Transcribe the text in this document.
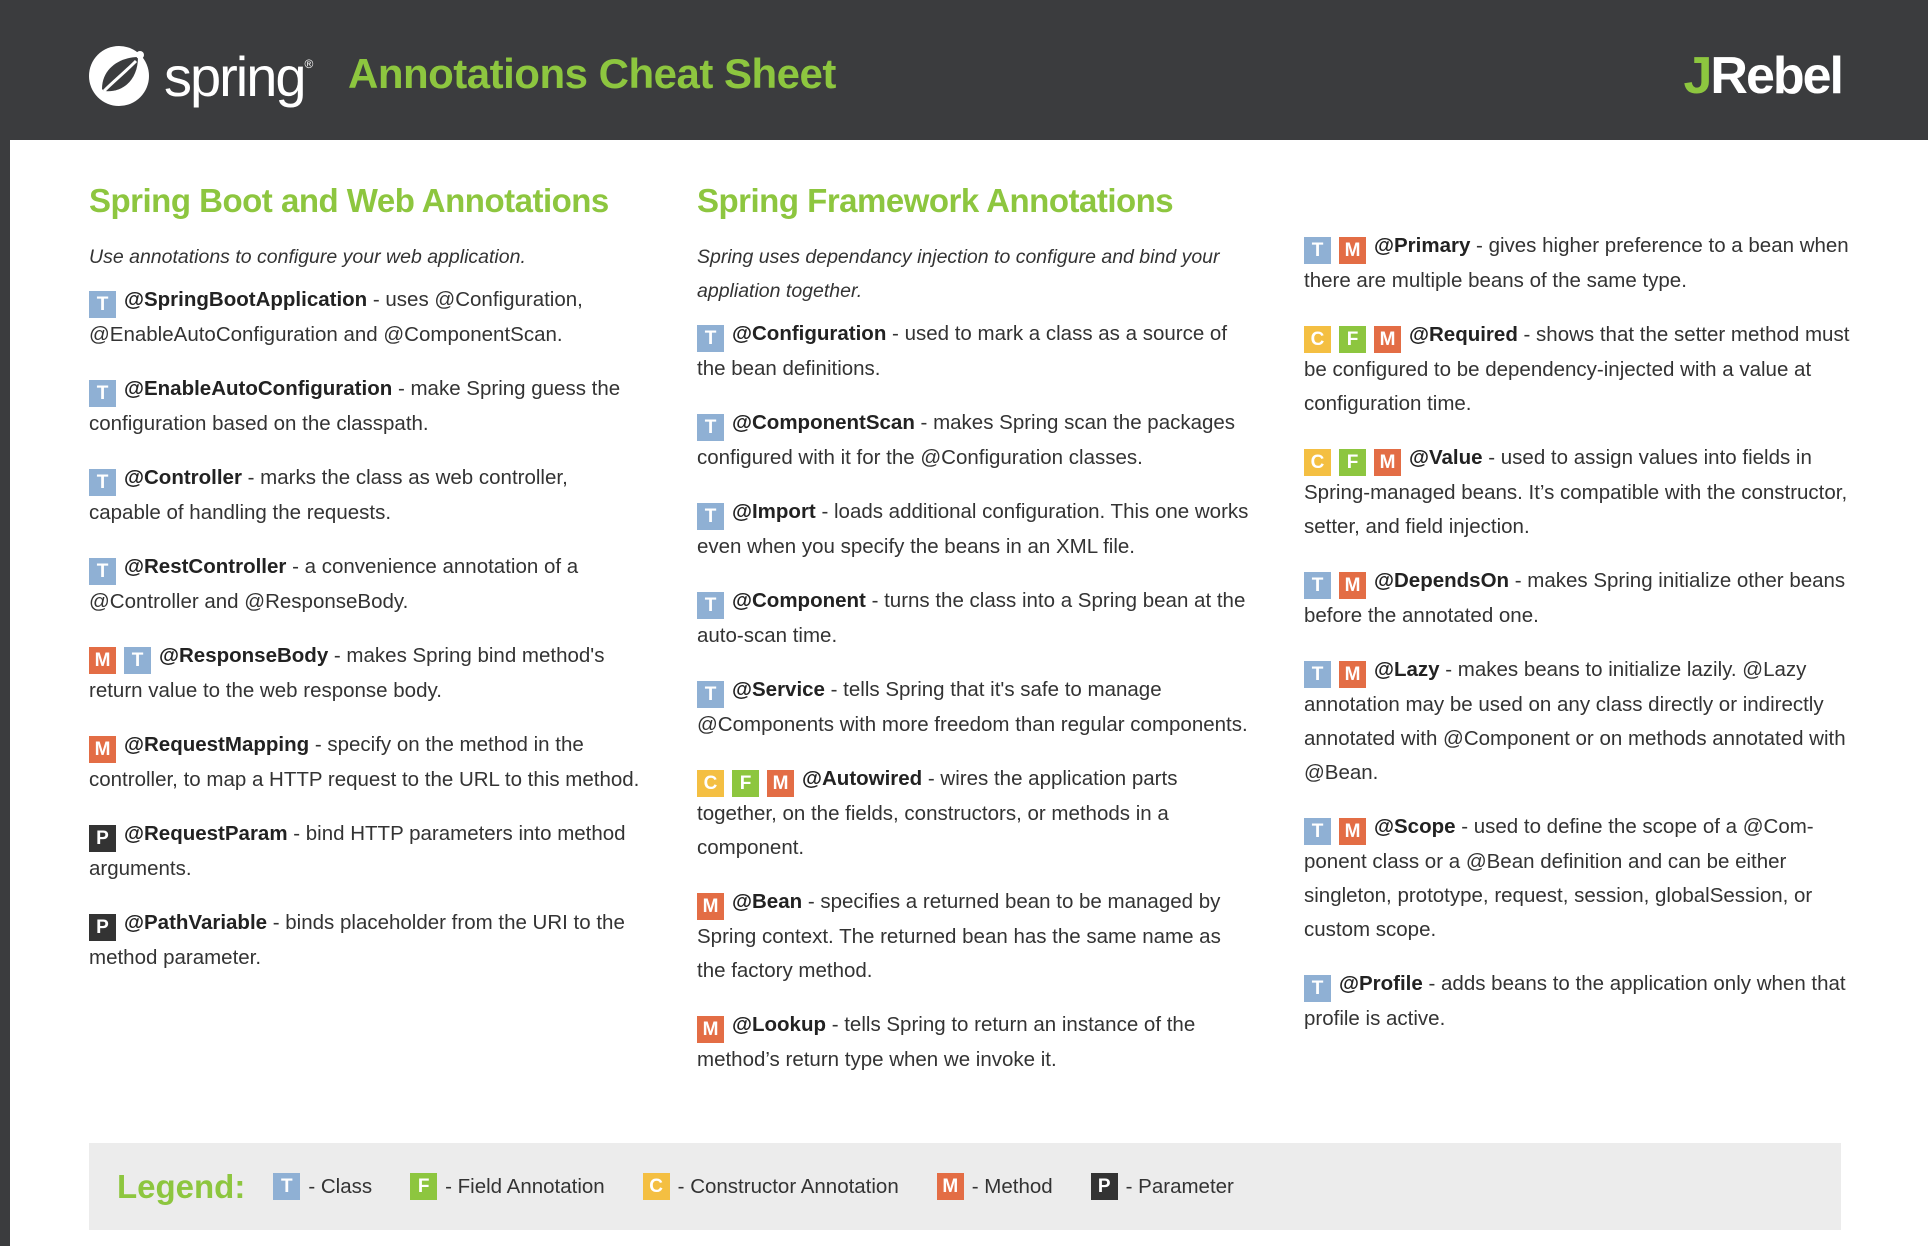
spring ® Annotations Cheat Sheet	JRebel
Spring Boot and Web Annotations

Use annotations to configure your web application.

T @SpringBootApplication - uses @Configuration, @EnableAutoConfiguration and @ComponentScan.

T @EnableAutoConfiguration - make Spring guess the configuration based on the classpath.

T @Controller - marks the class as web controller, capable of handling the requests.

T @RestController - a convenience annotation of a @Controller and @ResponseBody.

M T @ResponseBody - makes Spring bind method's return value to the web response body.

M @RequestMapping - specify on the method in the controller, to map a HTTP request to the URL to this method.

P @RequestParam - bind HTTP parameters into method arguments.

P @PathVariable - binds placeholder from the URI to the method parameter.

Spring Framework Annotations

Spring uses dependancy injection to configure and bind your appliation together.

T @Configuration - used to mark a class as a source of the bean definitions.

T @ComponentScan - makes Spring scan the packages configured with it for the @Configuration classes.

T @Import - loads additional configuration. This one works even when you specify the beans in an XML file.

T @Component - turns the class into a Spring bean at the auto-scan time.

T @Service - tells Spring that it's safe to manage @Components with more freedom than regular components.

C F M @Autowired - wires the application parts together, on the fields, constructors, or methods in a component.

M @Bean - specifies a returned bean to be managed by Spring context. The returned bean has the same name as the factory method.

M @Lookup - tells Spring to return an instance of the method’s return type when we invoke it.

T M @Primary - gives higher preference to a bean when there are multiple beans of the same type.

C F M @Required - shows that the setter method must be configured to be dependency-injected with a value at configuration time.

C F M @Value - used to assign values into fields in Spring-managed beans. It’s compatible with the constructor, setter, and field injection.

T M @DependsOn - makes Spring initialize other beans before the annotated one.

T M @Lazy - makes beans to initialize lazily. @Lazy annotation may be used on any class directly or indirectly annotated with @Component or on methods annotated with @Bean.

T M @Scope - used to define the scope of a @Com-ponent class or a @Bean definition and can be either singleton, prototype, request, session, globalSession, or custom scope.

T @Profile - adds beans to the application only when that profile is active.

Legend:	T - Class	F - Field Annotation	C - Constructor Annotation M - Method	P - Parameter
